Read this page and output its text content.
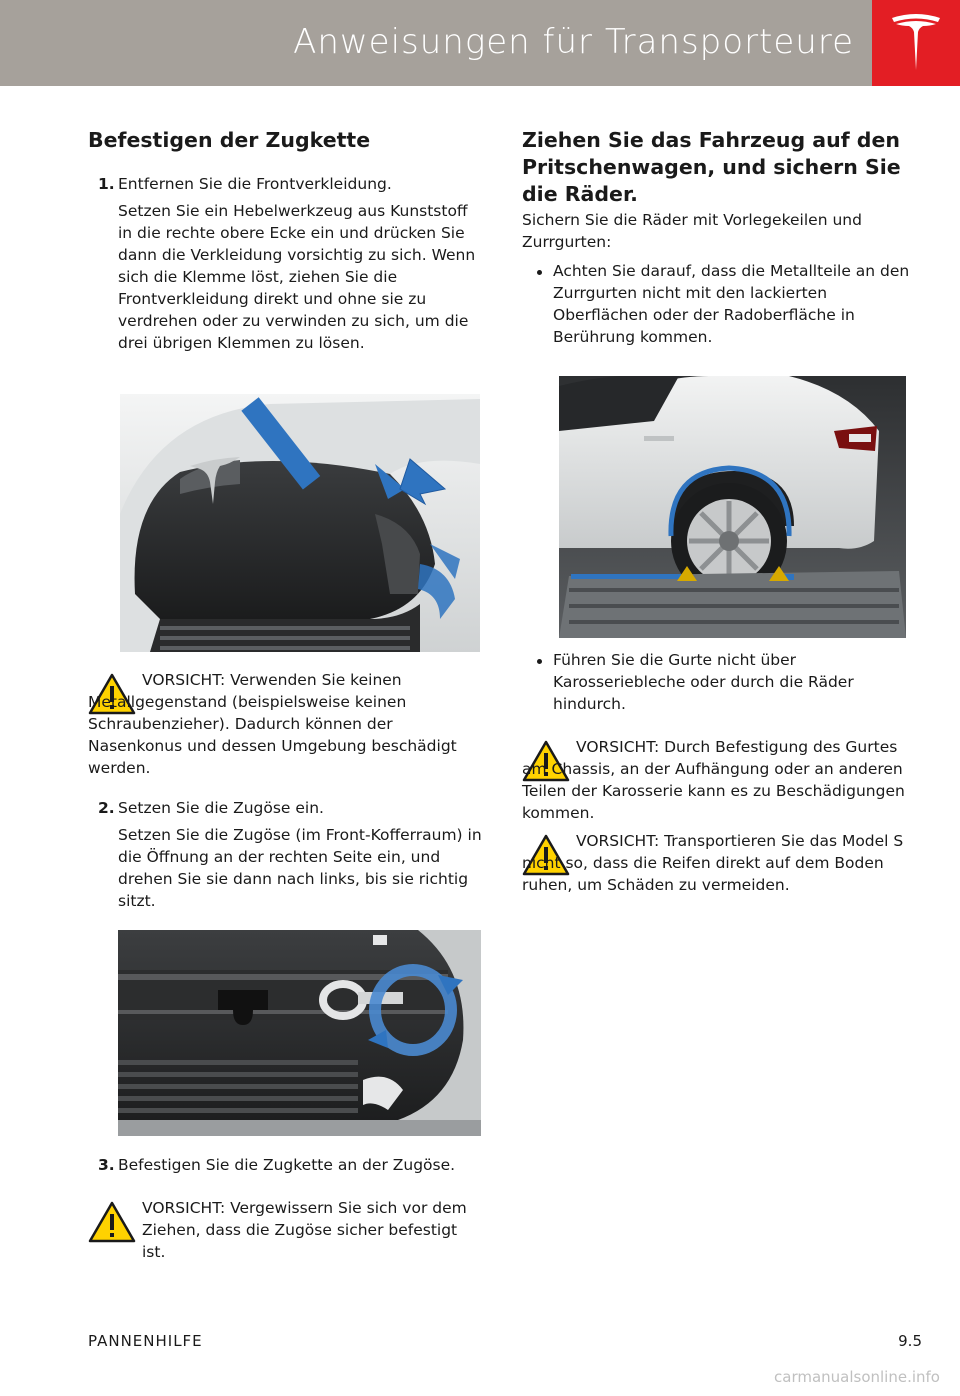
Anweisungen für Transporteure
Befestigen der Zugkette
1. Entfernen Sie die Frontverkleidung.
Setzen Sie ein Hebelwerkzeug aus Kunststoff in die rechte obere Ecke ein und drücken Sie dann die Verkleidung vorsichtig zu sich. Wenn sich die Klemme löst, ziehen Sie die Frontverkleidung direkt und ohne sie zu verdrehen oder zu verwinden zu sich, um die drei übrigen Klemmen zu lösen.
VORSICHT: Verwenden Sie keinen Metallgegenstand (beispielsweise keinen Schraubenzieher). Dadurch können der Nasenkonus und dessen Umgebung beschädigt werden.
2. Setzen Sie die Zugöse ein.
Setzen Sie die Zugöse (im Front-Kofferraum) in die Öffnung an der rechten Seite ein, und drehen Sie sie dann nach links, bis sie richtig sitzt.
3. Befestigen Sie die Zugkette an der Zugöse.
VORSICHT: Vergewissern Sie sich vor dem Ziehen, dass die Zugöse sicher befestigt ist.
Ziehen Sie das Fahrzeug auf den Pritschenwagen, und sichern Sie die Räder.
Sichern Sie die Räder mit Vorlegekeilen und Zurrgurten:
Achten Sie darauf, dass die Metallteile an den Zurrgurten nicht mit den lackierten Oberflächen oder der Radoberfläche in Berührung kommen.
Führen Sie die Gurte nicht über Karosseriebleche oder durch die Räder hindurch.
VORSICHT: Durch Befestigung des Gurtes am Chassis, an der Aufhängung oder an anderen Teilen der Karosserie kann es zu Beschädigungen kommen.
VORSICHT: Transportieren Sie das Model S nicht so, dass die Reifen direkt auf dem Boden ruhen, um Schäden zu vermeiden.
PANNENHILFE	9.5
carmanualsonline.info
